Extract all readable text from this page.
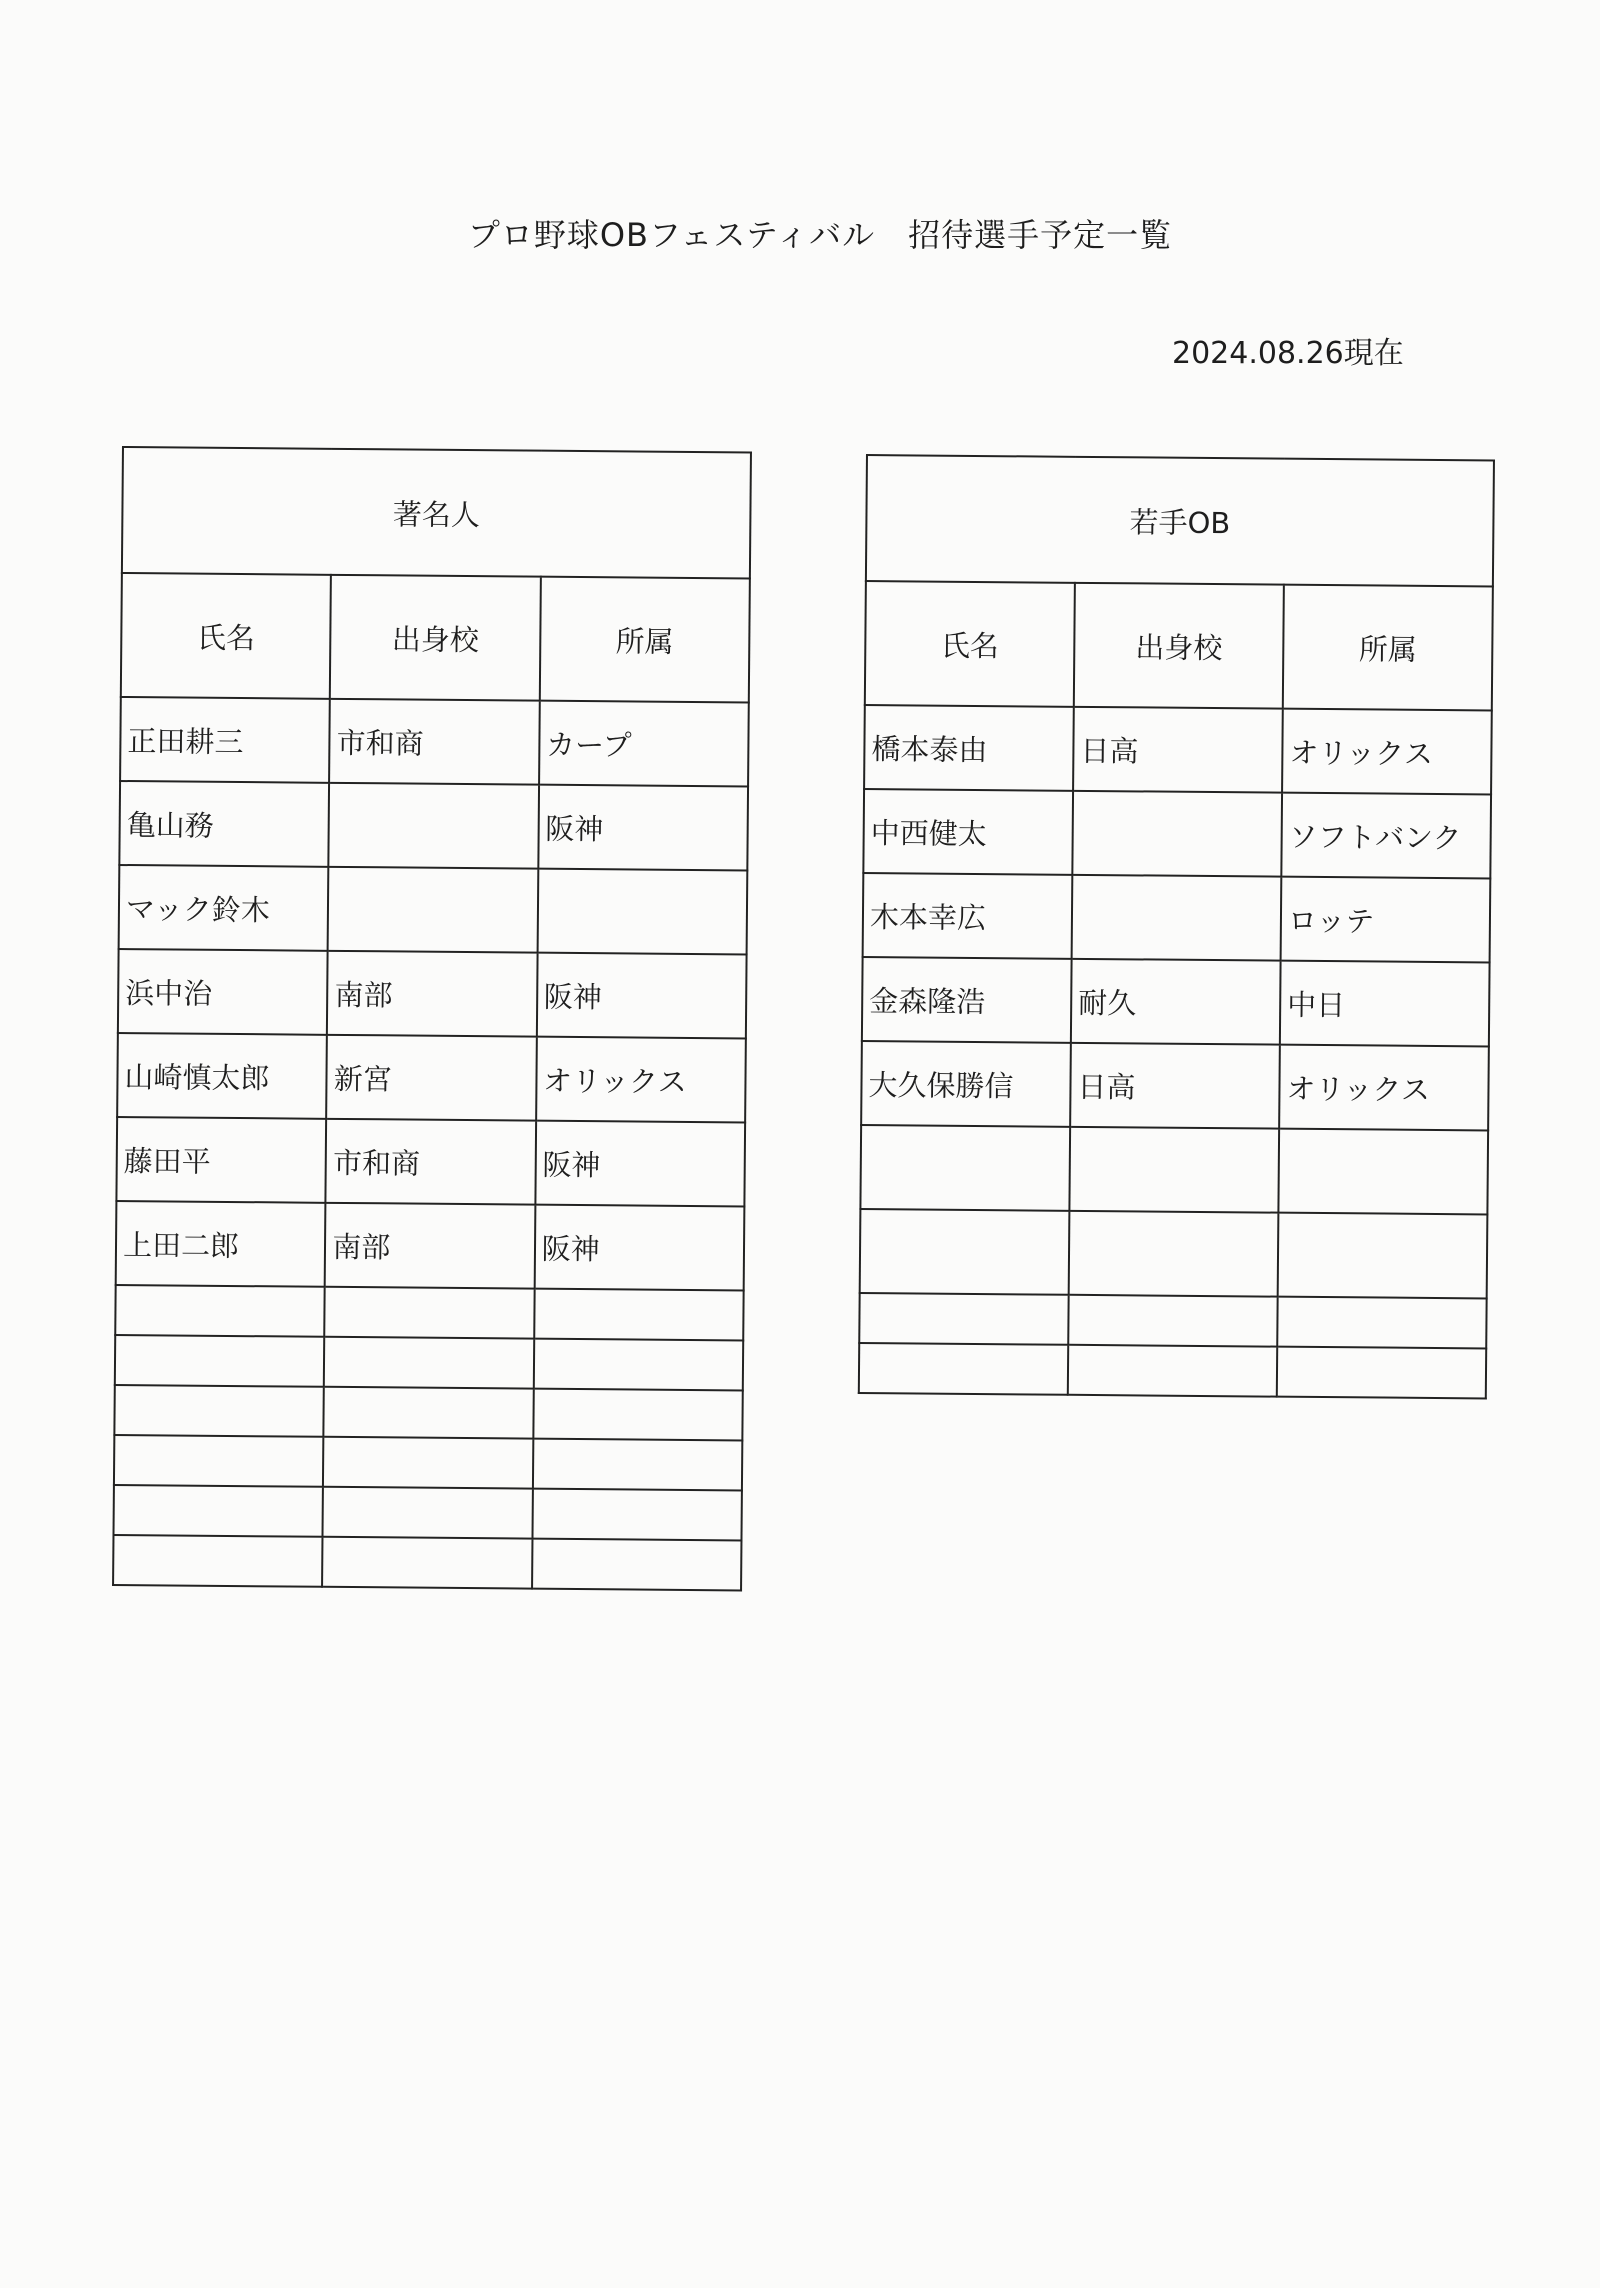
プロ野球OBフェスティバル　招待選手予定一覧
2024.08.26現在
著名人		
氏名	出身校	所属
正田耕三	市和商	カープ
亀山務		阪神
マック鈴木		
浜中治	南部	阪神
山崎慎太郎	新宮	オリックス
藤田平	市和商	阪神
上田二郎	南部	阪神

若手OB		
氏名	出身校	所属
橋本泰由	日高	オリックス
中西健太		ソフトバンク
木本幸広		ロッテ
金森隆浩	耐久	中日
大久保勝信	日高	オリックス
